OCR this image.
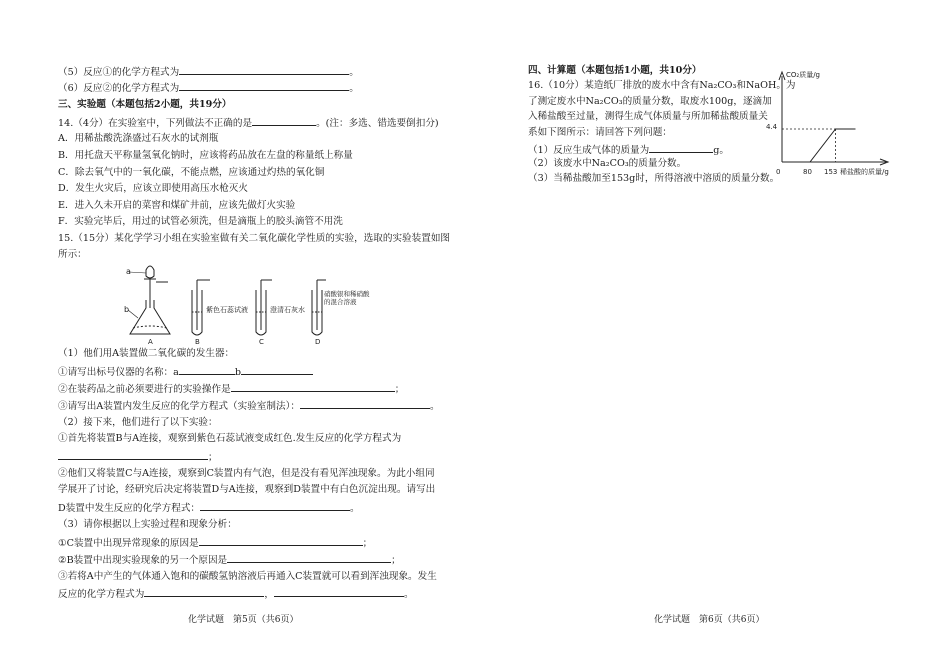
（5）反应①的化学方程式为	。
（6）反应②的化学方程式为	。
三、实验题（本题包括2小题，共19分）
14.（4分）在实验室中，下列做法不正确的是	。(注：多选、错选要倒扣分)
A．用稀盐酸洗涤盛过石灰水的试剂瓶
B．用托盘天平称量氢氧化钠时，应该将药品放在左盘的称量纸上称量
C．除去氧气中的一氧化碳，不能点燃，应该通过灼热的氧化铜
D．发生火灾后，应该立即使用高压水枪灭火
E．进入久未开启的菜窖和煤矿井前，应该先做灯火实验
F．实验完毕后，用过的试管必须洗，但是滴瓶上的胶头滴管不用洗
15.（15分）某化学学习小组在实验室做有关二氧化碳化学性质的实验，选取的实验装置如图
所示：
（1）他们用A装置做二氧化碳的发生器：
①请写出标号仪器的名称：a	b
②在装药品之前必须要进行的实验操作是	；
③请写出A装置内发生反应的化学方程式（实验室制法）：	。
（2）接下来，他们进行了以下实验：
①首先将装置B与A连接，观察到紫色石蕊试液变成红色.发生反应的化学方程式为
；
②他们又将装置C与A连接，观察到C装置内有气泡，但是没有看见浑浊现象。为此小组同
学展开了讨论，经研究后决定将装置D与A连接，观察到D装置中有白色沉淀出现。请写出
D装置中发生反应的化学方程式：	。
（3）请你根据以上实验过程和现象分析：
①C装置中出现异常现象的原因是	；
②B装置中出现实验现象的另一个原因是	；
③若将A中产生的气体通入饱和的碳酸氢钠溶液后再通入C装置就可以看到浑浊现象。发生
反应的化学方程式为	，	。
四、计算题（本题包括1小题，共10分）
16.（10分）某造纸厂排放的废水中含有Na₂CO₃和NaOH。为
了测定废水中Na₂CO₃的质量分数，取废水100g，逐滴加
入稀盐酸至过量，测得生成气体质量与所加稀盐酸质量关
系如下图所示：请回答下列问题：
（1）反应生成气体的质量为	g。
（2）该废水中Na₂CO₃的质量分数。
（3）当稀盐酸加至153g时，所得溶液中溶质的质量分数。
a
b	紫色石蕊试液	澄清石灰水
硝酸银和稀硝酸的混合溶液
A	B	C	D
CO₂质量/g
稀盐酸的质量/g
4.4
0	80 153
化学试题　第5页（共6页）	化学试题　第6页（共6页）
